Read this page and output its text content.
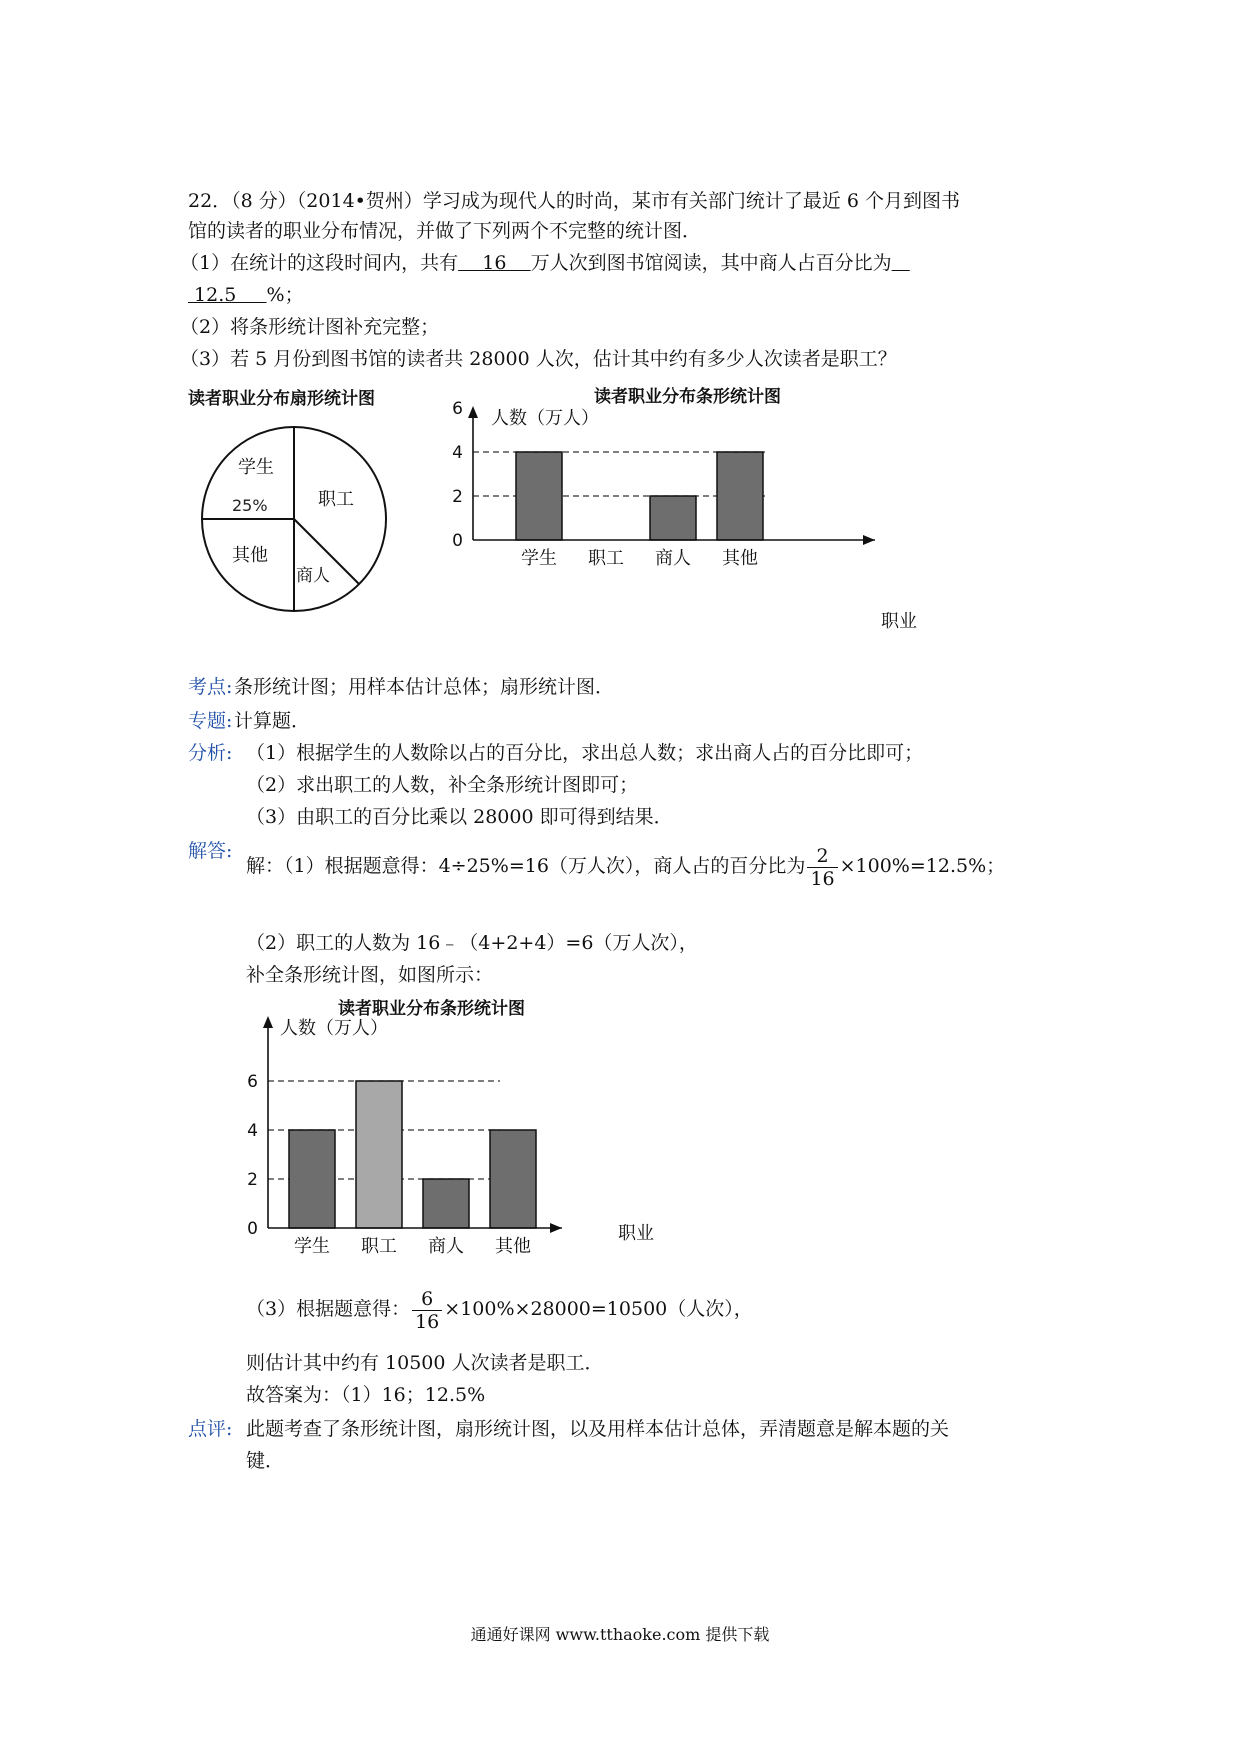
22．（8 分）（2014•贺州）学习成为现代人的时尚，某市有关部门统计了最近 6 个月到图书
馆的读者的职业分布情况，并做了下列两个不完整的统计图．
（1）在统计的这段时间内，共有    16    万人次到图书馆阅读，其中商人占百分比为
12.5     %；
（2）将条形统计图补充完整；
（3）若 5 月份到图书馆的读者共 28000 人次，估计其中约有多少人次读者是职工？
读者职业分布扇形统计图
学生
25%	职工
其他
商人
读者职业分布条形统计图
人数（万人）
职业
学生 职工 商人 其他
0
2
4
6
考点: 条形统计图；用样本估计总体；扇形统计图．
专题: 计算题．
分析: （1）根据学生的人数除以占的百分比，求出总人数；求出商人占的百分比即可；
（2）求出职工的人数，补全条形统计图即可；
（3）由职工的百分比乘以 28000 即可得到结果．
解答:
解：（1）根据题意得：4÷25%=16（万人次），商人占的百分比为 $\frac{2}{16} \times 100\%=12.5\%$；
（2）职工的人数为 16﹣（4+2+4）=6（万人次），
补全条形统计图，如图所示：
读者职业分布条形统计图
人数（万人）
职业
学生 职工 商人 其他
0
2
4
6
（3）根据题意得： $\frac{6}{16} \times 100\%\times 28000=10500$（人次），
则估计其中约有 10500 人次读者是职工．
故答案为：（1）16；12.5%
点评: 此题考查了条形统计图，扇形统计图，以及用样本估计总体，弄清题意是解本题的关
键．
通通好课网 www.tthaoke.com 提供下载
